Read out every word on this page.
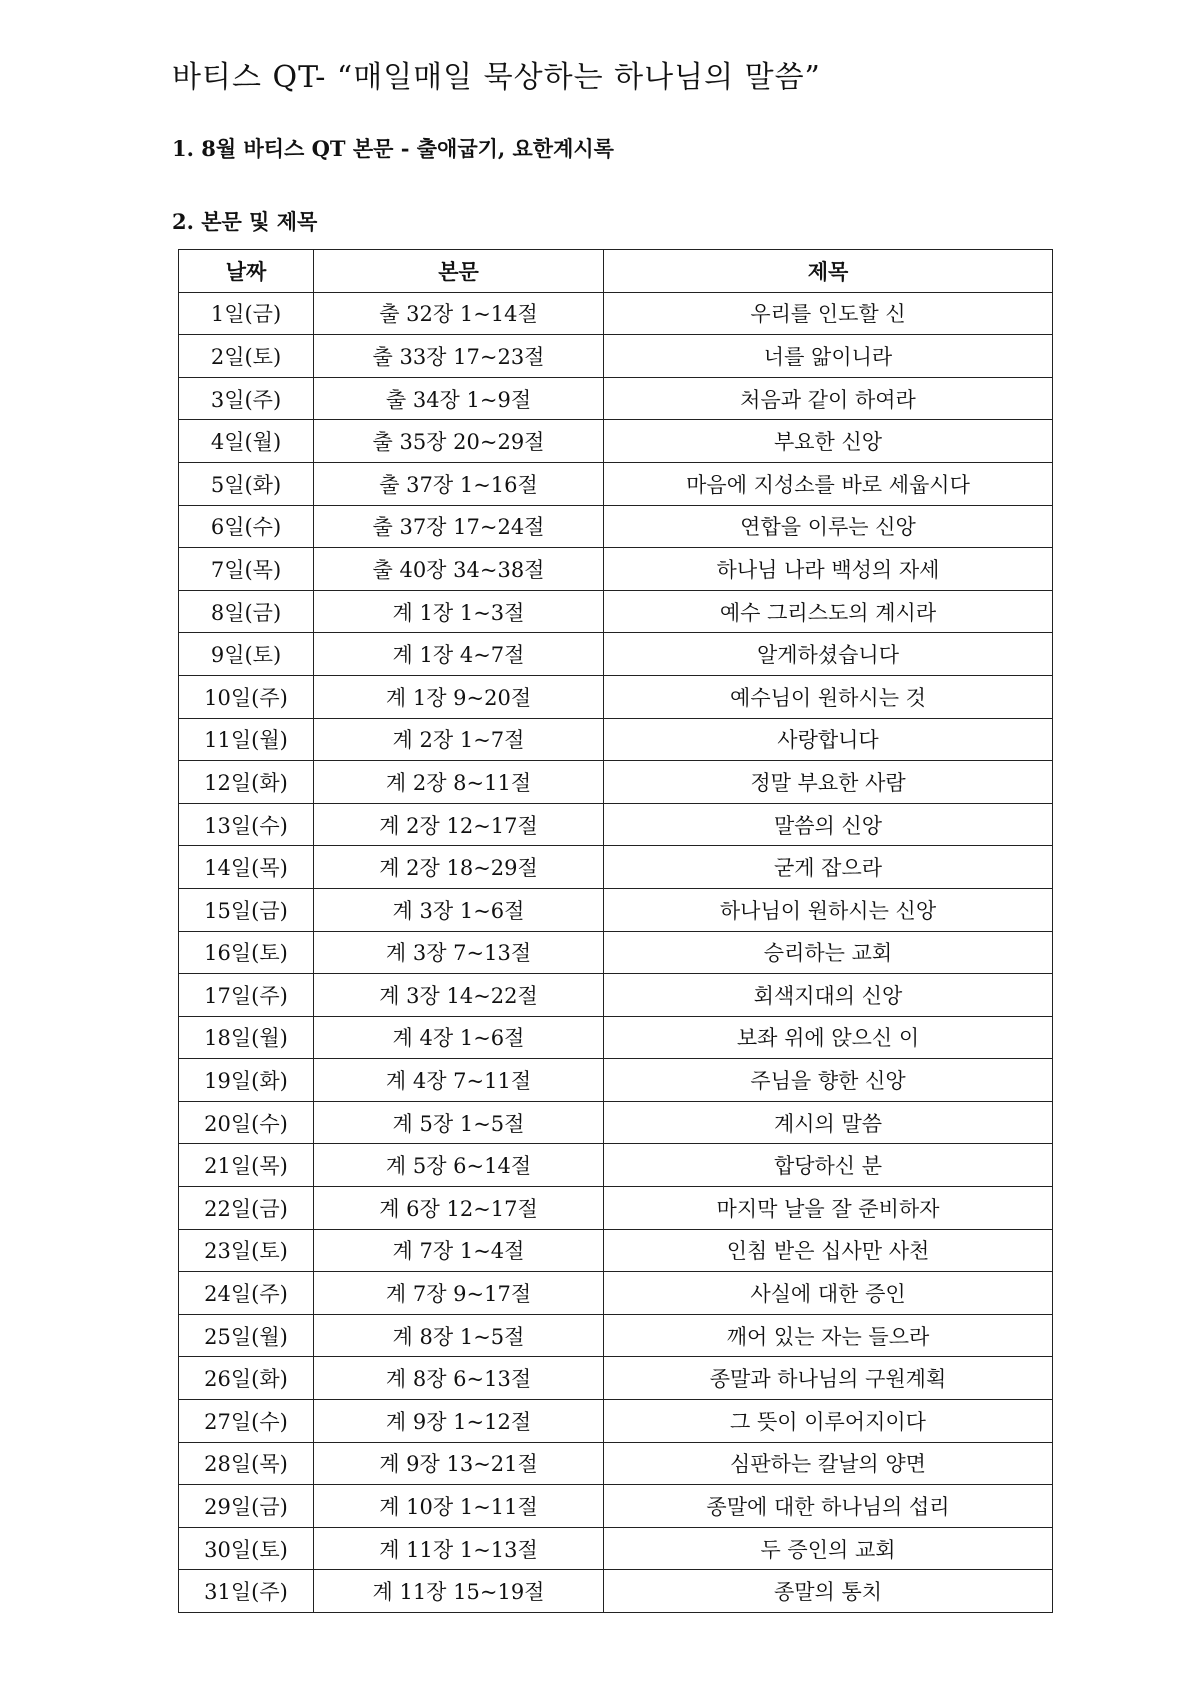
바티스 QT- “매일매일 묵상하는 하나님의 말씀”
1. 8월 바티스 QT 본문 - 출애굽기, 요한계시록
2. 본문 및 제목
날짜	본문	제목
1일(금)	출 32장 1~14절	우리를 인도할 신
2일(토)	출 33장 17~23절	너를 앎이니라
3일(주)	출 34장 1~9절	처음과 같이 하여라
4일(월)	출 35장 20~29절	부요한 신앙
5일(화)	출 37장 1~16절	마음에 지성소를 바로 세웁시다
6일(수)	출 37장 17~24절	연합을 이루는 신앙
7일(목)	출 40장 34~38절	하나님 나라 백성의 자세
8일(금)	계 1장 1~3절	예수 그리스도의 계시라
9일(토)	계 1장 4~7절	알게하셨습니다
10일(주)	계 1장 9~20절	예수님이 원하시는 것
11일(월)	계 2장 1~7절	사랑합니다
12일(화)	계 2장 8~11절	정말 부요한 사람
13일(수)	계 2장 12~17절	말씀의 신앙
14일(목)	계 2장 18~29절	굳게 잡으라
15일(금)	계 3장 1~6절	하나님이 원하시는 신앙
16일(토)	계 3장 7~13절	승리하는 교회
17일(주)	계 3장 14~22절	회색지대의 신앙
18일(월)	계 4장 1~6절	보좌 위에 앉으신 이
19일(화)	계 4장 7~11절	주님을 향한 신앙
20일(수)	계 5장 1~5절	계시의 말씀
21일(목)	계 5장 6~14절	합당하신 분
22일(금)	계 6장 12~17절	마지막 날을 잘 준비하자
23일(토)	계 7장 1~4절	인침 받은 십사만 사천
24일(주)	계 7장 9~17절	사실에 대한 증인
25일(월)	계 8장 1~5절	깨어 있는 자는 들으라
26일(화)	계 8장 6~13절	종말과 하나님의 구원계획
27일(수)	계 9장 1~12절	그 뜻이 이루어지이다
28일(목)	계 9장 13~21절	심판하는 칼날의 양면
29일(금)	계 10장 1~11절	종말에 대한 하나님의 섭리
30일(토)	계 11장 1~13절	두 증인의 교회
31일(주)	계 11장 15~19절	종말의 통치
